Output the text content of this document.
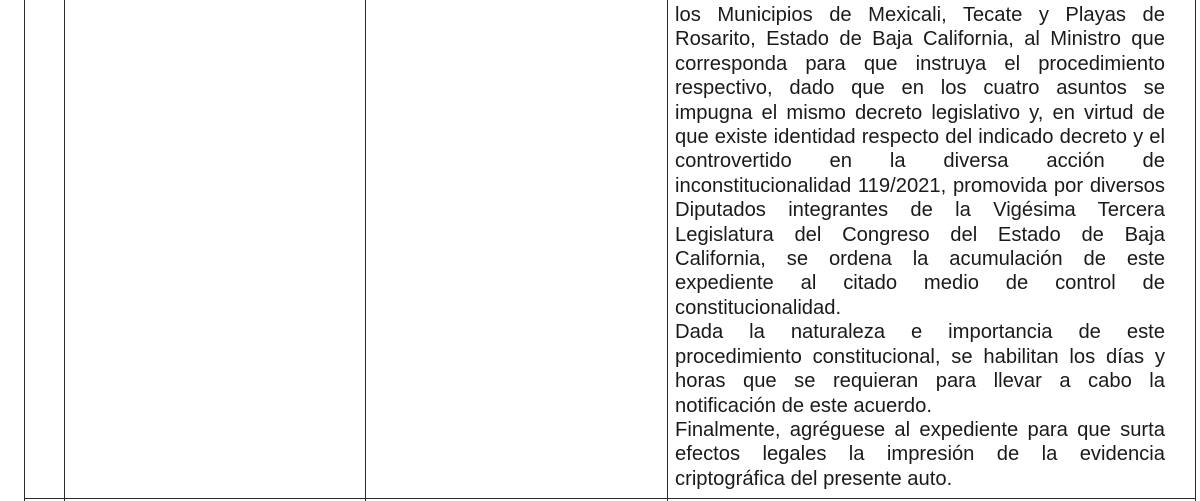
los Municipios de Mexicali, Tecate y Playas de Rosarito, Estado de Baja California, al Ministro que corresponda para que instruya el procedimiento respectivo, dado que en los cuatro asuntos se impugna el mismo decreto legislativo y, en virtud de que existe identidad respecto del indicado decreto y el controvertido en la diversa acción de inconstitucionalidad 119/2021, promovida por diversos Diputados integrantes de la Vigésima Tercera Legislatura del Congreso del Estado de Baja California, se ordena la acumulación de este expediente al citado medio de control de constitucionalidad.

Dada la naturaleza e importancia de este procedimiento constitucional, se habilitan los días y horas que se requieran para llevar a cabo la notificación de este acuerdo.

Finalmente, agréguese al expediente para que surta efectos legales la impresión de la evidencia criptográfica del presente auto.
